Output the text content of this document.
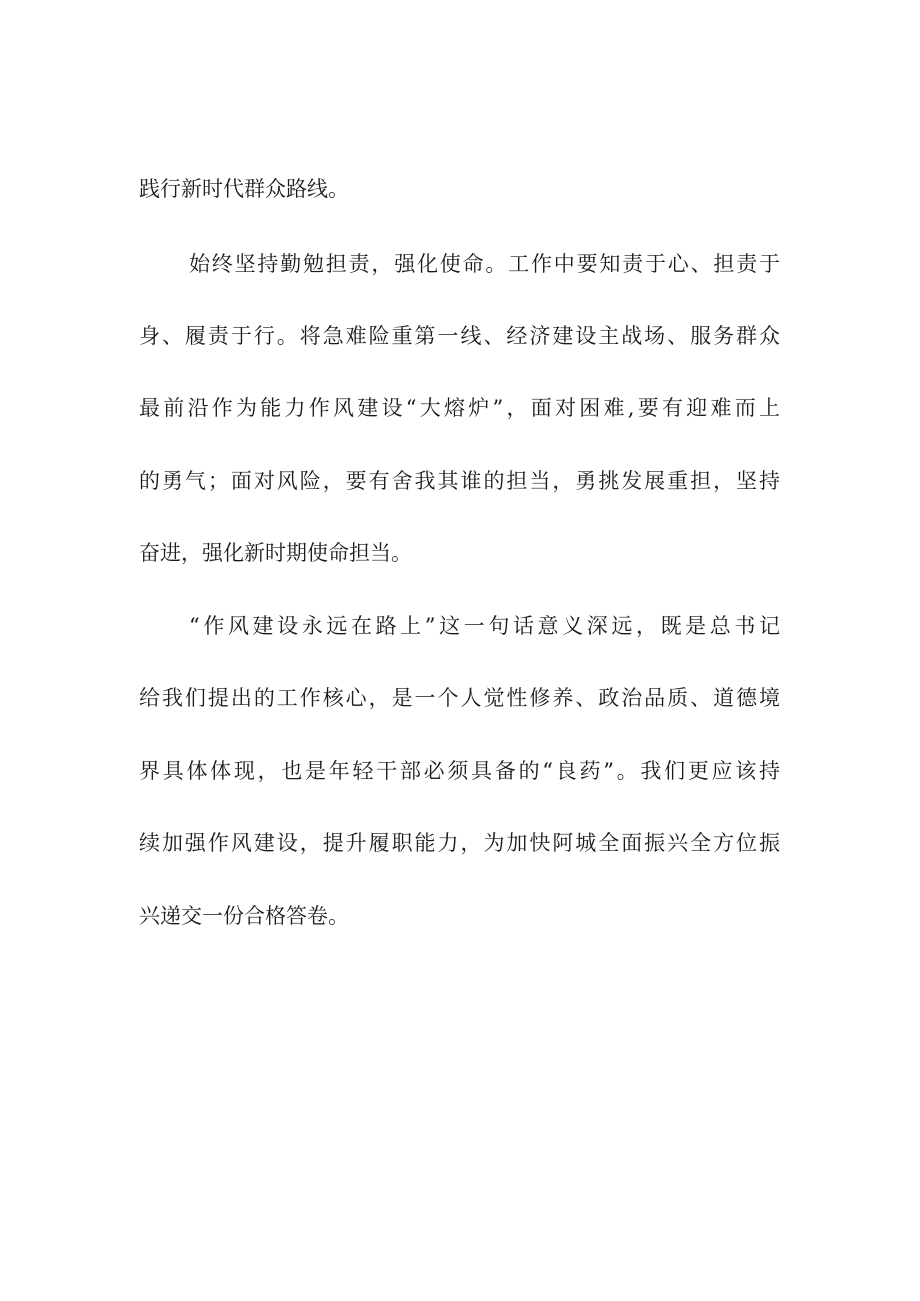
践行新时代群众路线。
始终坚持勤勉担责，强化使命。工作中要知责于心、担责于
身、履责于行。将急难险重第一线、经济建设主战场、服务群众
最前沿作为能力作风建设“大熔炉”，面对困难,要有迎难而上
的勇气；面对风险，要有舍我其谁的担当，勇挑发展重担，坚持
奋进，强化新时期使命担当。
“作风建设永远在路上”这一句话意义深远，既是总书记
给我们提出的工作核心，是一个人觉性修养、政治品质、道德境
界具体体现，也是年轻干部必须具备的“良药”。我们更应该持
续加强作风建设，提升履职能力，为加快阿城全面振兴全方位振
兴递交一份合格答卷。
